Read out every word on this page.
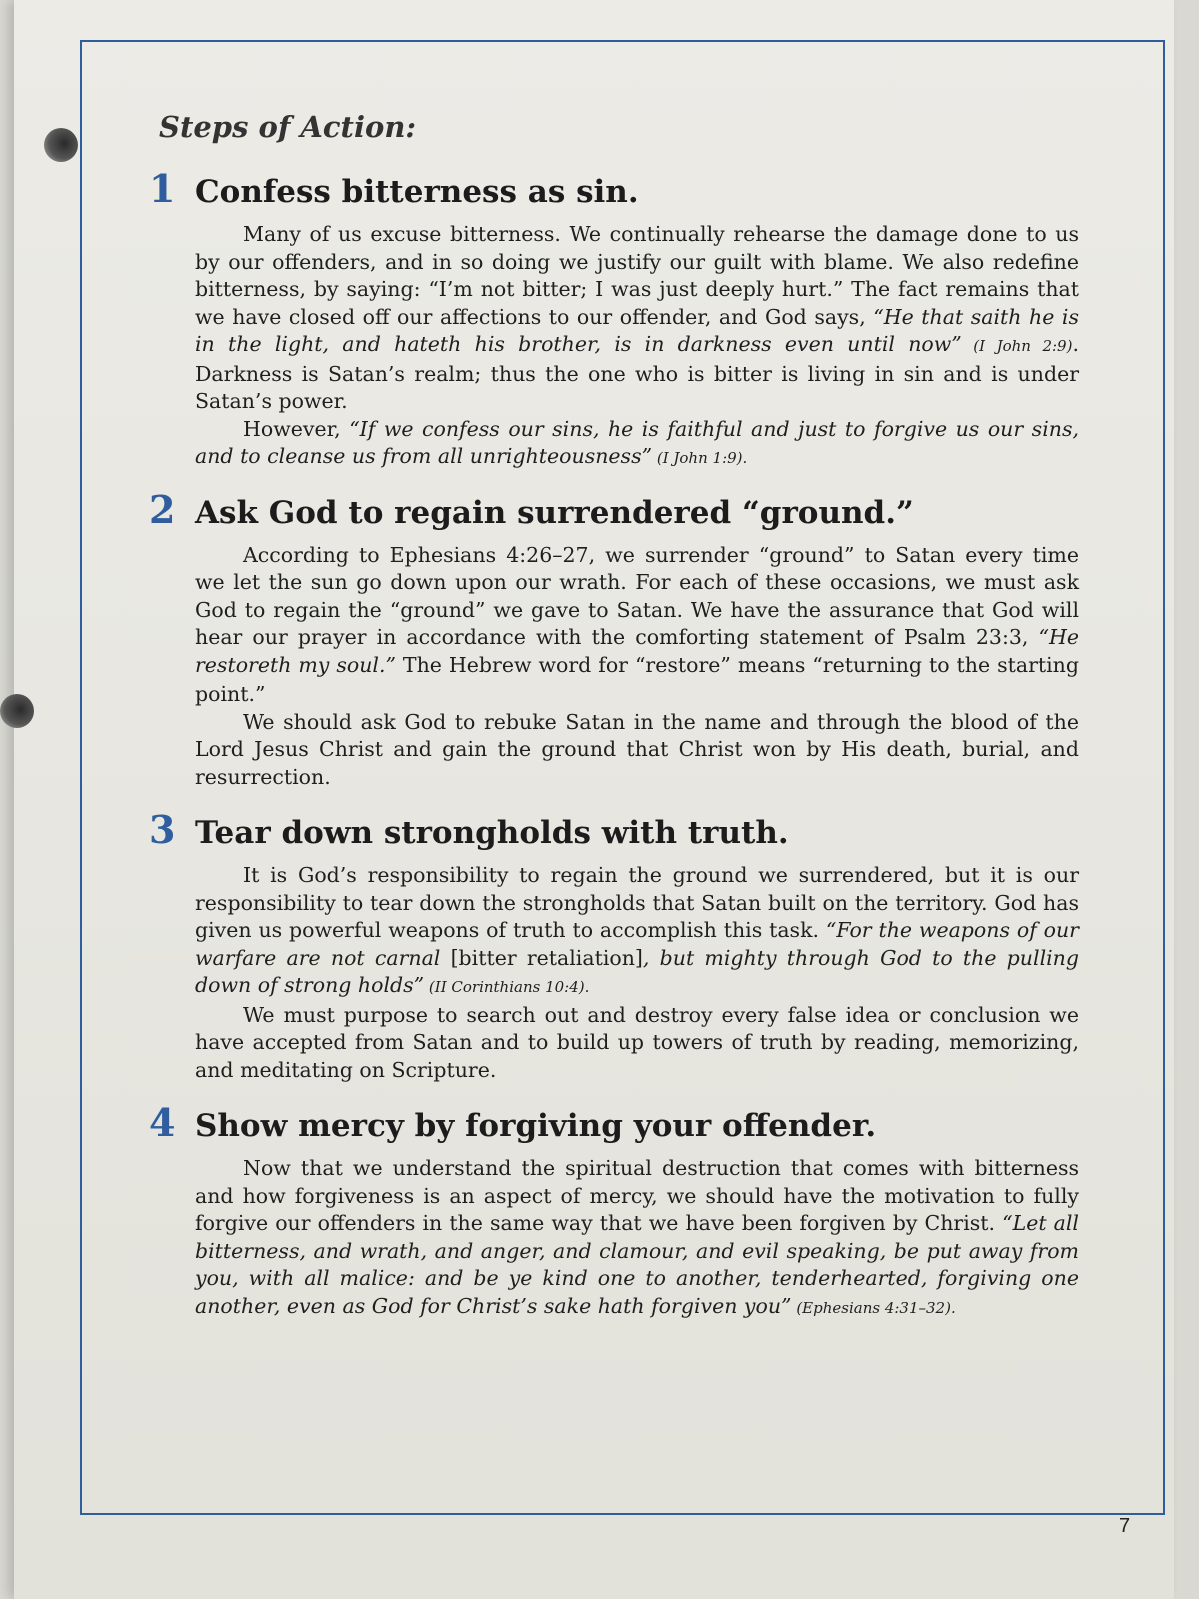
Steps of Action:
1 Confess bitterness as sin.

Many of us excuse bitterness. We continually rehearse the damage done to us by our offenders, and in so doing we justify our guilt with blame. We also redefine bitterness, by saying: “I’m not bitter; I was just deeply hurt.” The fact remains that we have closed off our affections to our offender, and God says, “He that saith he is in the light, and hateth his brother, is in darkness even until now” (I John 2:9). Darkness is Satan’s realm; thus the one who is bitter is living in sin and is under Satan’s power.

However, “If we confess our sins, he is faithful and just to forgive us our sins, and to cleanse us from all unrighteousness” (I John 1:9).

2 Ask God to regain surrendered “ground.”

According to Ephesians 4:26–27, we surrender “ground” to Satan every time we let the sun go down upon our wrath. For each of these occasions, we must ask God to regain the “ground” we gave to Satan. We have the assurance that God will hear our prayer in accordance with the comforting statement of Psalm 23:3, “He restoreth my soul.” The Hebrew word for “restore” means “returning to the starting point.”

We should ask God to rebuke Satan in the name and through the blood of the Lord Jesus Christ and gain the ground that Christ won by His death, burial, and resurrection.

3 Tear down strongholds with truth.

It is God’s responsibility to regain the ground we surrendered, but it is our responsibility to tear down the strongholds that Satan built on the territory. God has given us powerful weapons of truth to accomplish this task. “For the weapons of our warfare are not carnal [bitter retaliation], but mighty through God to the pulling down of strong holds” (II Corinthians 10:4).

We must purpose to search out and destroy every false idea or conclusion we have accepted from Satan and to build up towers of truth by reading, memorizing, and meditating on Scripture.

4 Show mercy by forgiving your offender.

Now that we understand the spiritual destruction that comes with bitterness and how forgiveness is an aspect of mercy, we should have the motivation to fully forgive our offenders in the same way that we have been forgiven by Christ. “Let all bitterness, and wrath, and anger, and clamour, and evil speaking, be put away from you, with all malice: and be ye kind one to another, tenderhearted, forgiving one another, even as God for Christ’s sake hath forgiven you” (Ephesians 4:31–32).

7
